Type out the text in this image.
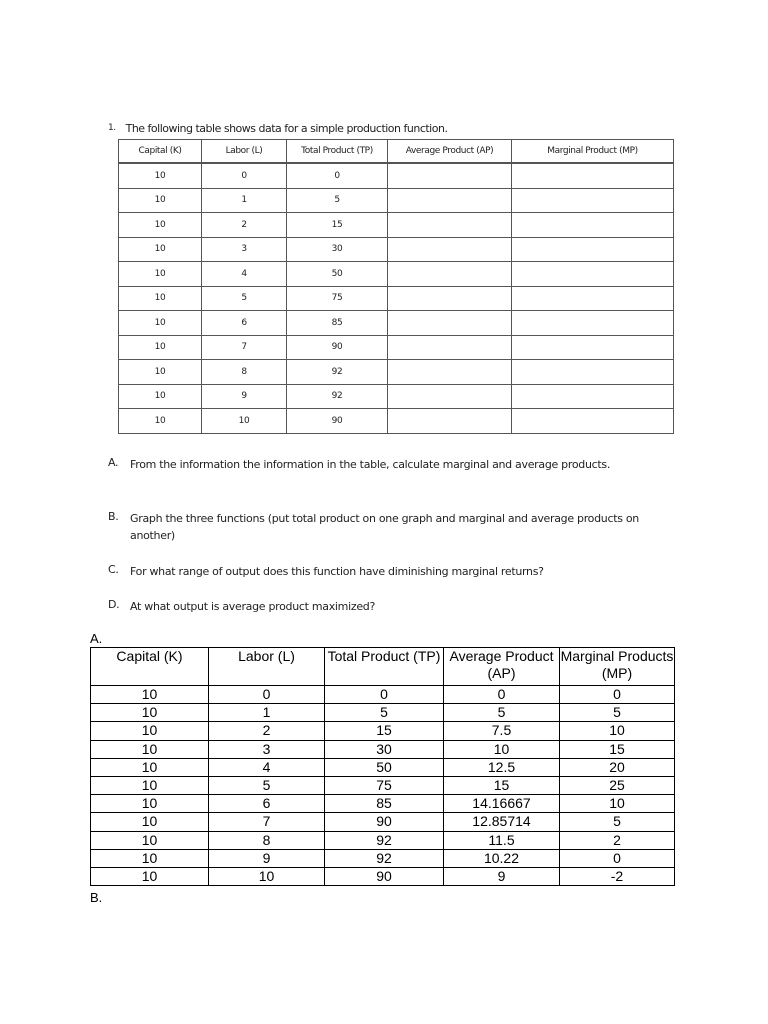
1. The following table shows data for a simple production function.
Capital (K)	Labor (L)	Total Product (TP)	Average Product (AP)	Marginal Product (MP)
10	0	0		
10	1	5		
10	2	15		
10	3	30		
10	4	50		
10	5	75		
10	6	85		
10	7	90		
10	8	92		
10	9	92		
10	10	90		
A.	From the information the information in the table, calculate marginal and average products.
B.	Graph the three functions (put total product on one graph and marginal and average products on another)
C.	For what range of output does this function have diminishing marginal returns?
D. At what output is average product maximized?
A.
Capital (K)	Labor (L)	Total Product (TP)	Average Product (AP)	Marginal Products (MP)
10	0	0	0	0
10	1	5	5	5
10	2	15	7.5	10
10	3	30	10	15
10	4	50	12.5	20
10	5	75	15	25
10	6	85	14.16667	10
10	7	90	12.85714	5
10	8	92	11.5	2
10	9	92	10.22	0
10	10	90	9	-2
B.
